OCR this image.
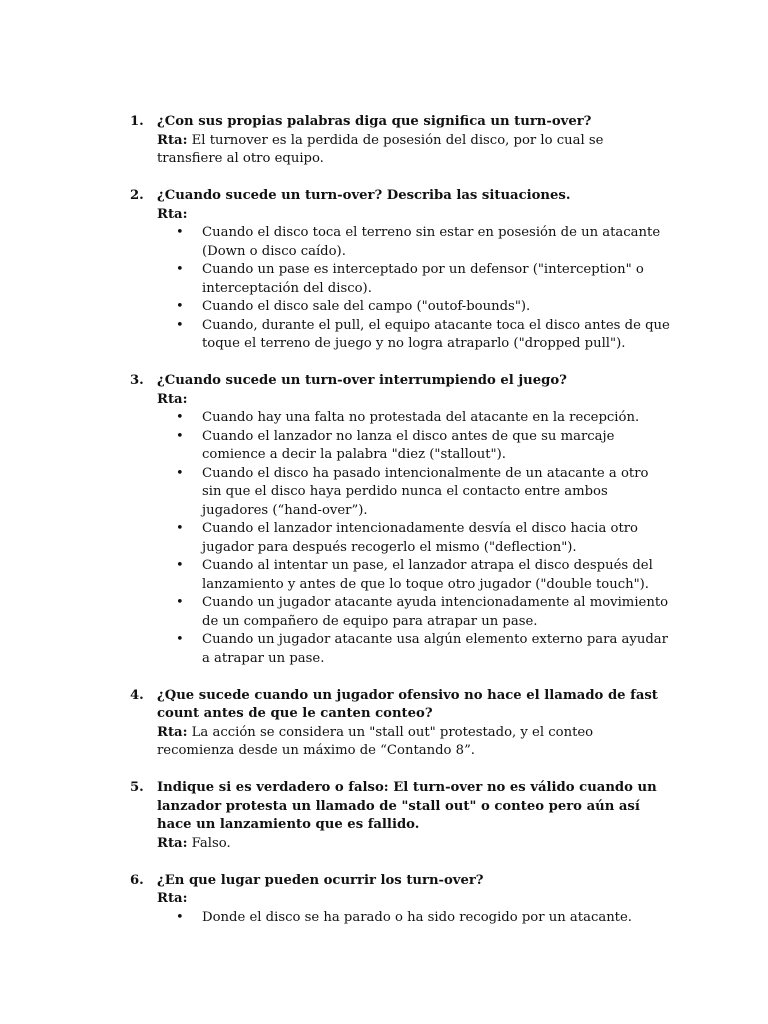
1. ¿Con sus propias palabras diga que significa un turn-over?
Rta: El turnover es la perdida de posesión del disco, por lo cual se transfiere al otro equipo.
2. ¿Cuando sucede un turn-over? Describa las situaciones.
Rta:
• Cuando el disco toca el terreno sin estar en posesión de un atacante (Down o disco caído).
• Cuando un pase es interceptado por un defensor ("interception" o interceptación del disco).
• Cuando el disco sale del campo ("outof-bounds").
• Cuando, durante el pull, el equipo atacante toca el disco antes de que toque el terreno de juego y no logra atraparlo ("dropped pull").
3. ¿Cuando sucede un turn-over interrumpiendo el juego?
Rta:
• Cuando hay una falta no protestada del atacante en la recepción.
• Cuando el lanzador no lanza el disco antes de que su marcaje comience a decir la palabra "diez ("stallout").
• Cuando el disco ha pasado intencionalmente de un atacante a otro sin que el disco haya perdido nunca el contacto entre ambos jugadores (“hand-over”).
• Cuando el lanzador intencionadamente desvía el disco hacia otro jugador para después recogerlo el mismo ("deflection").
• Cuando al intentar un pase, el lanzador atrapa el disco después del lanzamiento y antes de que lo toque otro jugador ("double touch").
• Cuando un jugador atacante ayuda intencionadamente al movimiento de un compañero de equipo para atrapar un pase.
• Cuando un jugador atacante usa algún elemento externo para ayudar a atrapar un pase.
4. ¿Que sucede cuando un jugador ofensivo no hace el llamado de fast count antes de que le canten conteo?
Rta: La acción se considera un "stall out" protestado, y el conteo recomienza desde un máximo de “Contando 8”.
5. Indique si es verdadero o falso: El turn-over no es válido cuando un lanzador protesta un llamado de "stall out" o conteo pero aún así hace un lanzamiento que es fallido.
Rta: Falso.
6. ¿En que lugar pueden ocurrir los turn-over?
Rta:
• Donde el disco se ha parado o ha sido recogido por un atacante.
